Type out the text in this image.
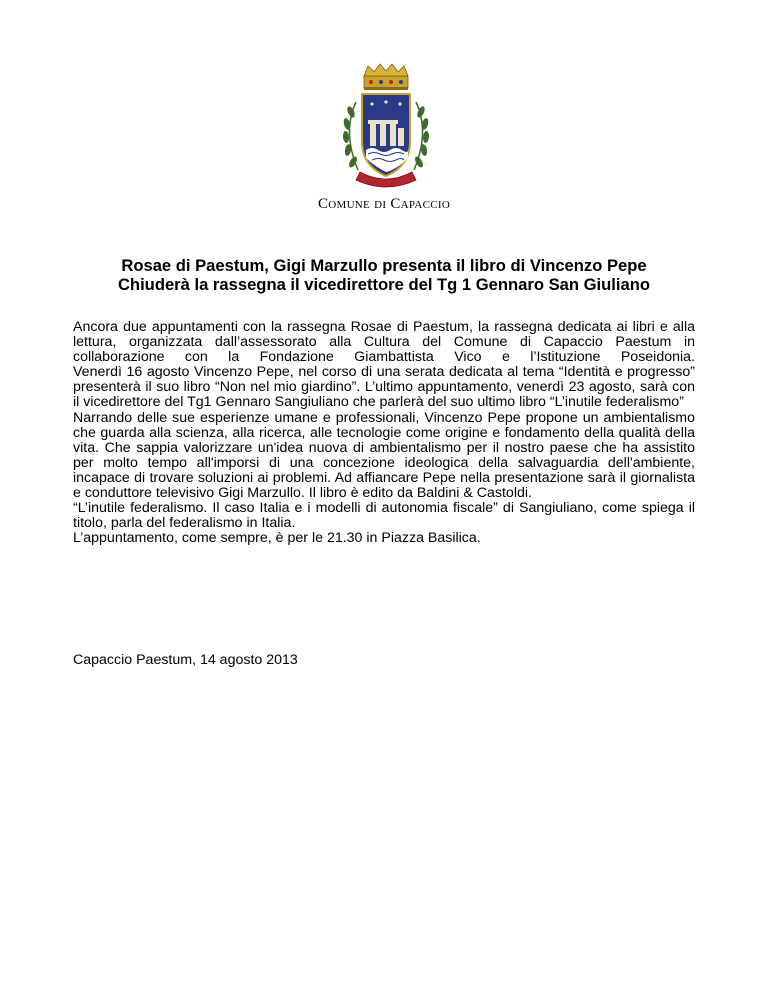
Comune di Capaccio
Rosae di Paestum, Gigi Marzullo presenta il libro di Vincenzo Pepe
Chiuderà la rassegna il vicedirettore del Tg 1 Gennaro San Giuliano

Ancora due appuntamenti con la rassegna Rosae di Paestum, la rassegna dedicata ai libri e alla lettura, organizzata dall’assessorato alla Cultura del Comune di Capaccio Paestum in collaborazione con la Fondazione Giambattista Vico e l’Istituzione Poseidonia.

Venerdì 16 agosto Vincenzo Pepe, nel corso di una serata dedicata al tema “Identità e progresso” presenterà il suo libro “Non nel mio giardino”. L’ultimo appuntamento, venerdì 23 agosto, sarà con il vicedirettore del Tg1 Gennaro Sangiuliano che parlerà del suo ultimo libro “L’inutile federalismo”

Narrando delle sue esperienze umane e professionali, Vincenzo Pepe propone un ambientalismo che guarda alla scienza, alla ricerca, alle tecnologie come origine e fondamento della qualità della vita. Che sappia valorizzare un'idea nuova di ambientalismo per il nostro paese che ha assistito per molto tempo all'imporsi di una concezione ideologica della salvaguardia dell'ambiente, incapace di trovare soluzioni ai problemi. Ad affiancare Pepe nella presentazione sarà il giornalista e conduttore televisivo Gigi Marzullo. Il libro è edito da Baldini & Castoldi.

“L’inutile federalismo. Il caso Italia e i modelli di autonomia fiscale” di Sangiuliano, come spiega il titolo, parla del federalismo in Italia.

L’appuntamento, come sempre, è per le 21.30 in Piazza Basilica.

Capaccio Paestum, 14 agosto 2013
